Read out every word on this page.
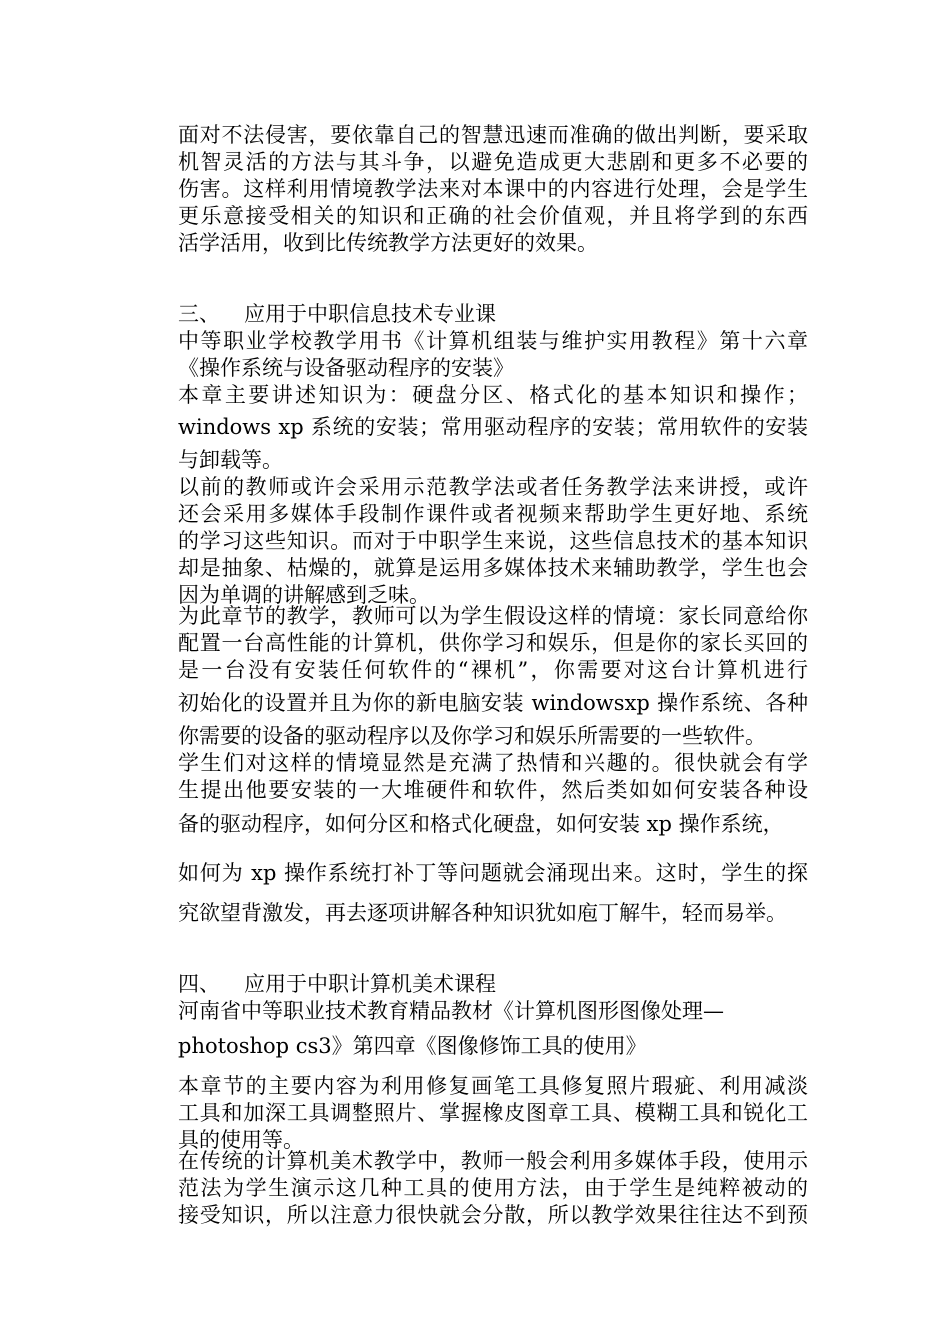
面对不法侵害，要依靠自己的智慧迅速而准确的做出判断，要采取
机智灵活的方法与其斗争，以避免造成更大悲剧和更多不必要的
伤害。这样利用情境教学法来对本课中的内容进行处理，会是学生
更乐意接受相关的知识和正确的社会价值观，并且将学到的东西
活学活用，收到比传统教学方法更好的效果。
三、 应用于中职信息技术专业课
中等职业学校教学用书《计算机组装与维护实用教程》第十六章
《操作系统与设备驱动程序的安装》
本章主要讲述知识为：硬盘分区、格式化的基本知识和操作；
windows xp 系统的安装；常用驱动程序的安装；常用软件的安装
与卸载等。
以前的教师或许会采用示范教学法或者任务教学法来讲授，或许
还会采用多媒体手段制作课件或者视频来帮助学生更好地、系统
的学习这些知识。而对于中职学生来说，这些信息技术的基本知识
却是抽象、枯燥的，就算是运用多媒体技术来辅助教学，学生也会
因为单调的讲解感到乏味。
为此章节的教学，教师可以为学生假设这样的情境：家长同意给你
配置一台高性能的计算机，供你学习和娱乐，但是你的家长买回的
是一台没有安装任何软件的“裸机”，你需要对这台计算机进行
初始化的设置并且为你的新电脑安装 windowsxp 操作系统、各种
你需要的设备的驱动程序以及你学习和娱乐所需要的一些软件。
学生们对这样的情境显然是充满了热情和兴趣的。很快就会有学
生提出他要安装的一大堆硬件和软件，然后类如如何安装各种设
备的驱动程序，如何分区和格式化硬盘，如何安装 xp 操作系统，
如何为 xp 操作系统打补丁等问题就会涌现出来。这时，学生的探
究欲望背激发，再去逐项讲解各种知识犹如庖丁解牛，轻而易举。
四、 应用于中职计算机美术课程
河南省中等职业技术教育精品教材《计算机图形图像处理—
photoshop cs3》第四章《图像修饰工具的使用》
本章节的主要内容为利用修复画笔工具修复照片瑕疵、利用减淡
工具和加深工具调整照片、掌握橡皮图章工具、模糊工具和锐化工
具的使用等。
在传统的计算机美术教学中，教师一般会利用多媒体手段，使用示
范法为学生演示这几种工具的使用方法，由于学生是纯粹被动的
接受知识，所以注意力很快就会分散，所以教学效果往往达不到预
